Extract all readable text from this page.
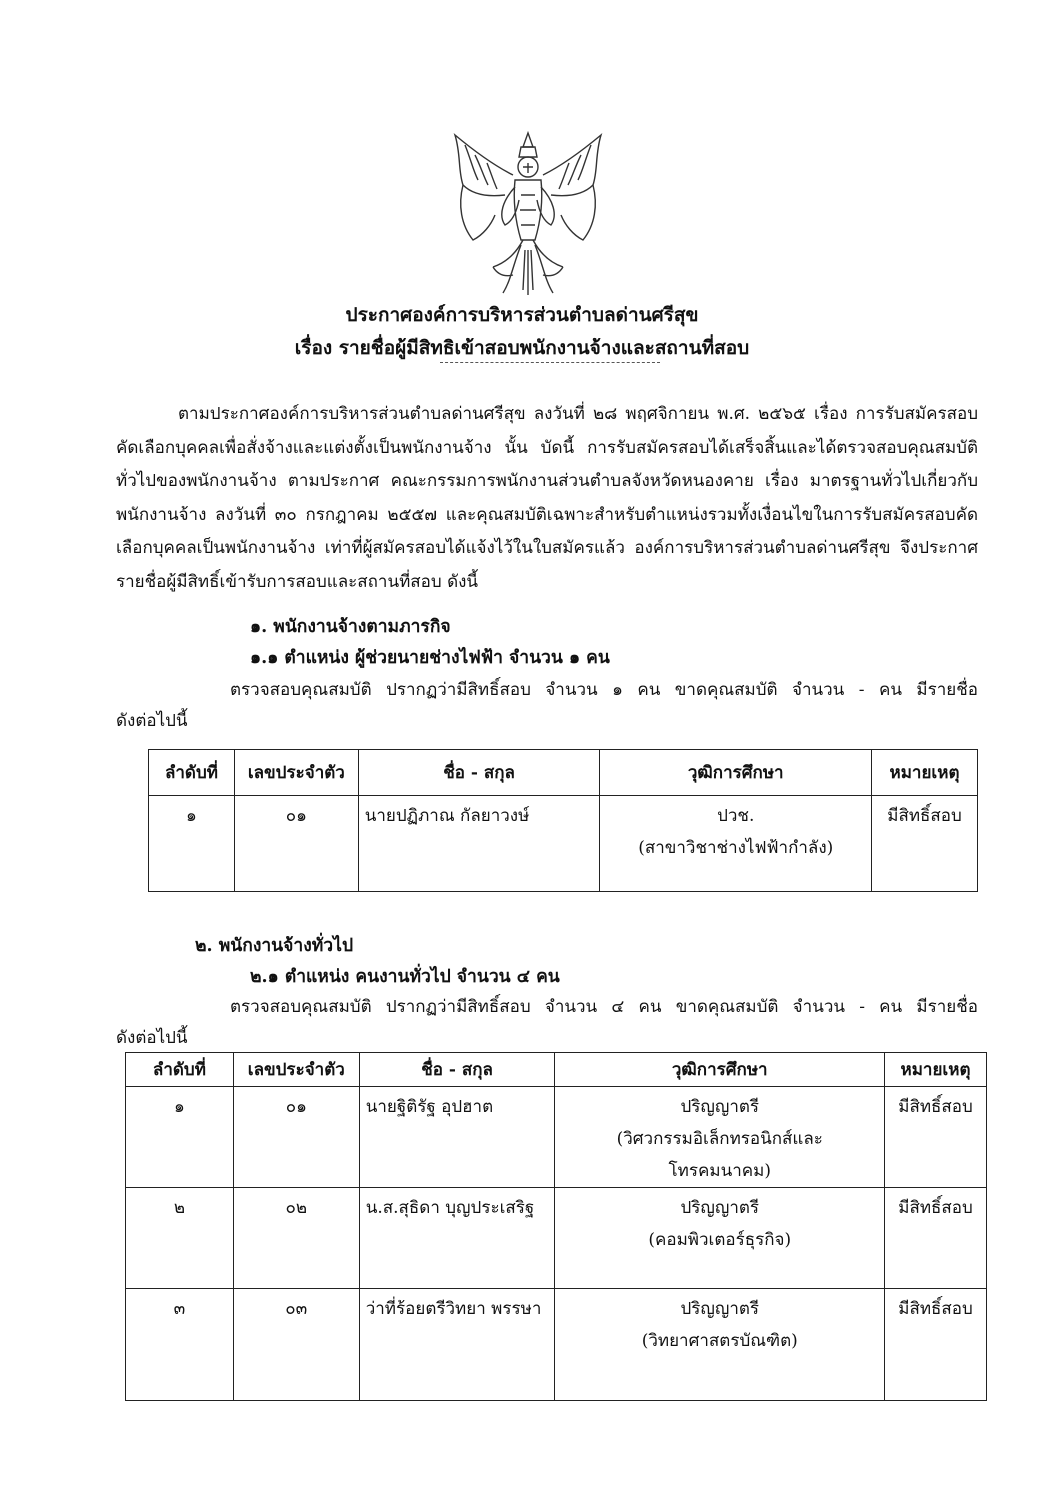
ประกาศองค์การบริหารส่วนตำบลด่านศรีสุข
เรื่อง รายชื่อผู้มีสิทธิเข้าสอบพนักงานจ้างและสถานที่สอบ

ตามประกาศองค์การบริหารส่วนตำบลด่านศรีสุข ลงวันที่ ๒๘ พฤศจิกายน พ.ศ. ๒๕๖๕ เรื่อง การรับสมัครสอบคัดเลือกบุคคลเพื่อสั่งจ้างและแต่งตั้งเป็นพนักงานจ้าง นั้น บัดนี้ การรับสมัครสอบได้เสร็จสิ้นและได้ตรวจสอบคุณสมบัติทั่วไปของพนักงานจ้าง ตามประกาศ คณะกรรมการพนักงานส่วนตำบลจังหวัดหนองคาย เรื่อง มาตรฐานทั่วไปเกี่ยวกับพนักงานจ้าง ลงวันที่ ๓๐ กรกฎาคม ๒๕๕๗ และคุณสมบัติเฉพาะสำหรับตำแหน่งรวมทั้งเงื่อนไขในการรับสมัครสอบคัดเลือกบุคคลเป็นพนักงานจ้าง เท่าที่ผู้สมัครสอบได้แจ้งไว้ในใบสมัครแล้ว องค์การบริหารส่วนตำบลด่านศรีสุข จึงประกาศรายชื่อผู้มีสิทธิ์เข้ารับการสอบและสถานที่สอบ ดังนี้

๑. พนักงานจ้างตามภารกิจ
๑.๑ ตำแหน่ง ผู้ช่วยนายช่างไฟฟ้า จำนวน ๑ คน
ตรวจสอบคุณสมบัติ ปรากฏว่ามีสิทธิ์สอบ จำนวน ๑ คน ขาดคุณสมบัติ จำนวน - คน มีรายชื่อ
ดังต่อไปนี้
ลำดับที่	เลขประจำตัว	ชื่อ - สกุล	วุฒิการศึกษา	หมายเหตุ

๑	๐๑	นายปฏิภาณ กัลยาวงษ์	ปวช.
(สาขาวิชาช่างไฟฟ้ากำลัง)	มีสิทธิ์สอบ
๒. พนักงานจ้างทั่วไป
๒.๑ ตำแหน่ง คนงานทั่วไป จำนวน ๔ คน
ตรวจสอบคุณสมบัติ ปรากฏว่ามีสิทธิ์สอบ จำนวน ๔ คน ขาดคุณสมบัติ จำนวน - คน มีรายชื่อ
ดังต่อไปนี้
ลำดับที่	เลขประจำตัว	ชื่อ - สกุล	วุฒิการศึกษา	หมายเหตุ

๑	๐๑	นายฐิติรัฐ อุปฮาต	ปริญญาตรี
(วิศวกรรมอิเล็กทรอนิกส์และ
โทรคมนาคม)	มีสิทธิ์สอบ

๒	๐๒	น.ส.สุธิดา บุญประเสริฐ	ปริญญาตรี
(คอมพิวเตอร์ธุรกิจ)	มีสิทธิ์สอบ

๓	๐๓	ว่าที่ร้อยตรีวิทยา พรรษา	ปริญญาตรี
(วิทยาศาสตรบัณฑิต)	มีสิทธิ์สอบ
